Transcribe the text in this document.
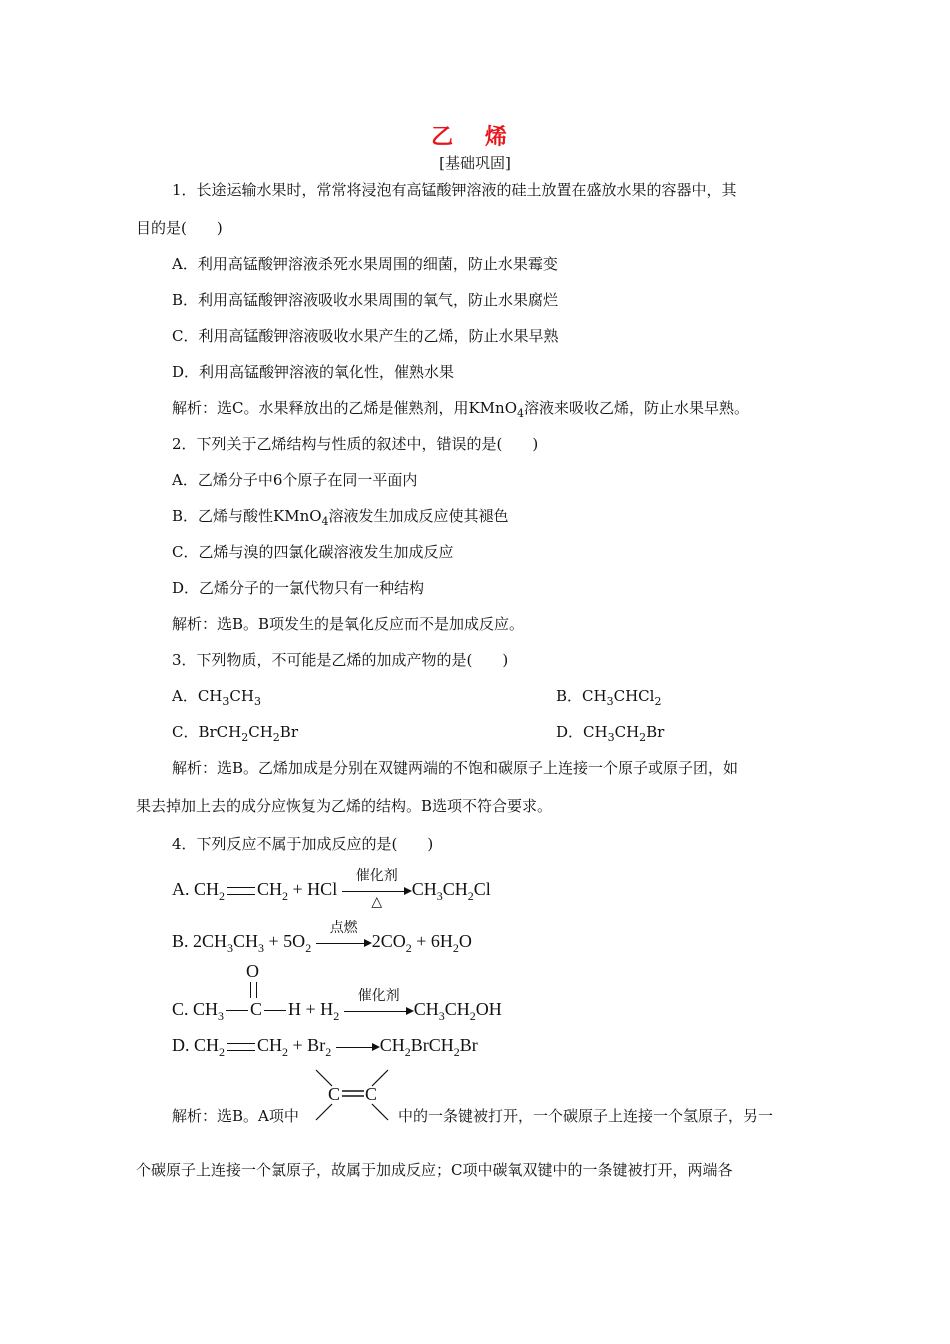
乙 烯
[基础巩固]
1．长途运输水果时，常常将浸泡有高锰酸钾溶液的硅土放置在盛放水果的容器中，其
目的是(　　)
A．利用高锰酸钾溶液杀死水果周围的细菌，防止水果霉变
B．利用高锰酸钾溶液吸收水果周围的氧气，防止水果腐烂
C．利用高锰酸钾溶液吸收水果产生的乙烯，防止水果早熟
D．利用高锰酸钾溶液的氧化性，催熟水果
解析：选C。水果释放出的乙烯是催熟剂，用KMnO$_4$溶液来吸收乙烯，防止水果早熟。
2．下列关于乙烯结构与性质的叙述中，错误的是(　　)
A．乙烯分子中6个原子在同一平面内
B．乙烯与酸性KMnO$_4$溶液发生加成反应使其褪色
C．乙烯与溴的四氯化碳溶液发生加成反应
D．乙烯分子的一氯代物只有一种结构
解析：选B。B项发生的是氧化反应而不是加成反应。
3．下列物质，不可能是乙烯的加成产物的是(　　)
A．$CH_3CH_3$	B．$CH_3CHCl_2$
C．$BrCH_2CH_2Br$	D．$CH_3CH_2Br$
解析：选B。乙烯加成是分别在双键两端的不饱和碳原子上连接一个原子或原子团，如
果去掉加上去的成分应恢复为乙烯的结构。B选项不符合要求。
4．下列反应不属于加成反应的是(　　)
A. $CH_2$ $CH_2$ + HCl
催化剂
△
$CH_3CH_2Cl$
B. $2CH_3CH_3 + 5O_2$
点燃
$2CO_2 + 6H_2O$
O
C. $CH_3$ C $H + H_2$
催化剂
$CH_3CH_2OH$
D. $CH_2$ $CH_2 + Br_2$	$CH_2BrCH_2Br$
解析：选B。A项中
C C
中的一条键被打开，一个碳原子上连接一个氢原子，另一
个碳原子上连接一个氯原子，故属于加成反应；C项中碳氧双键中的一条键被打开，两端各
